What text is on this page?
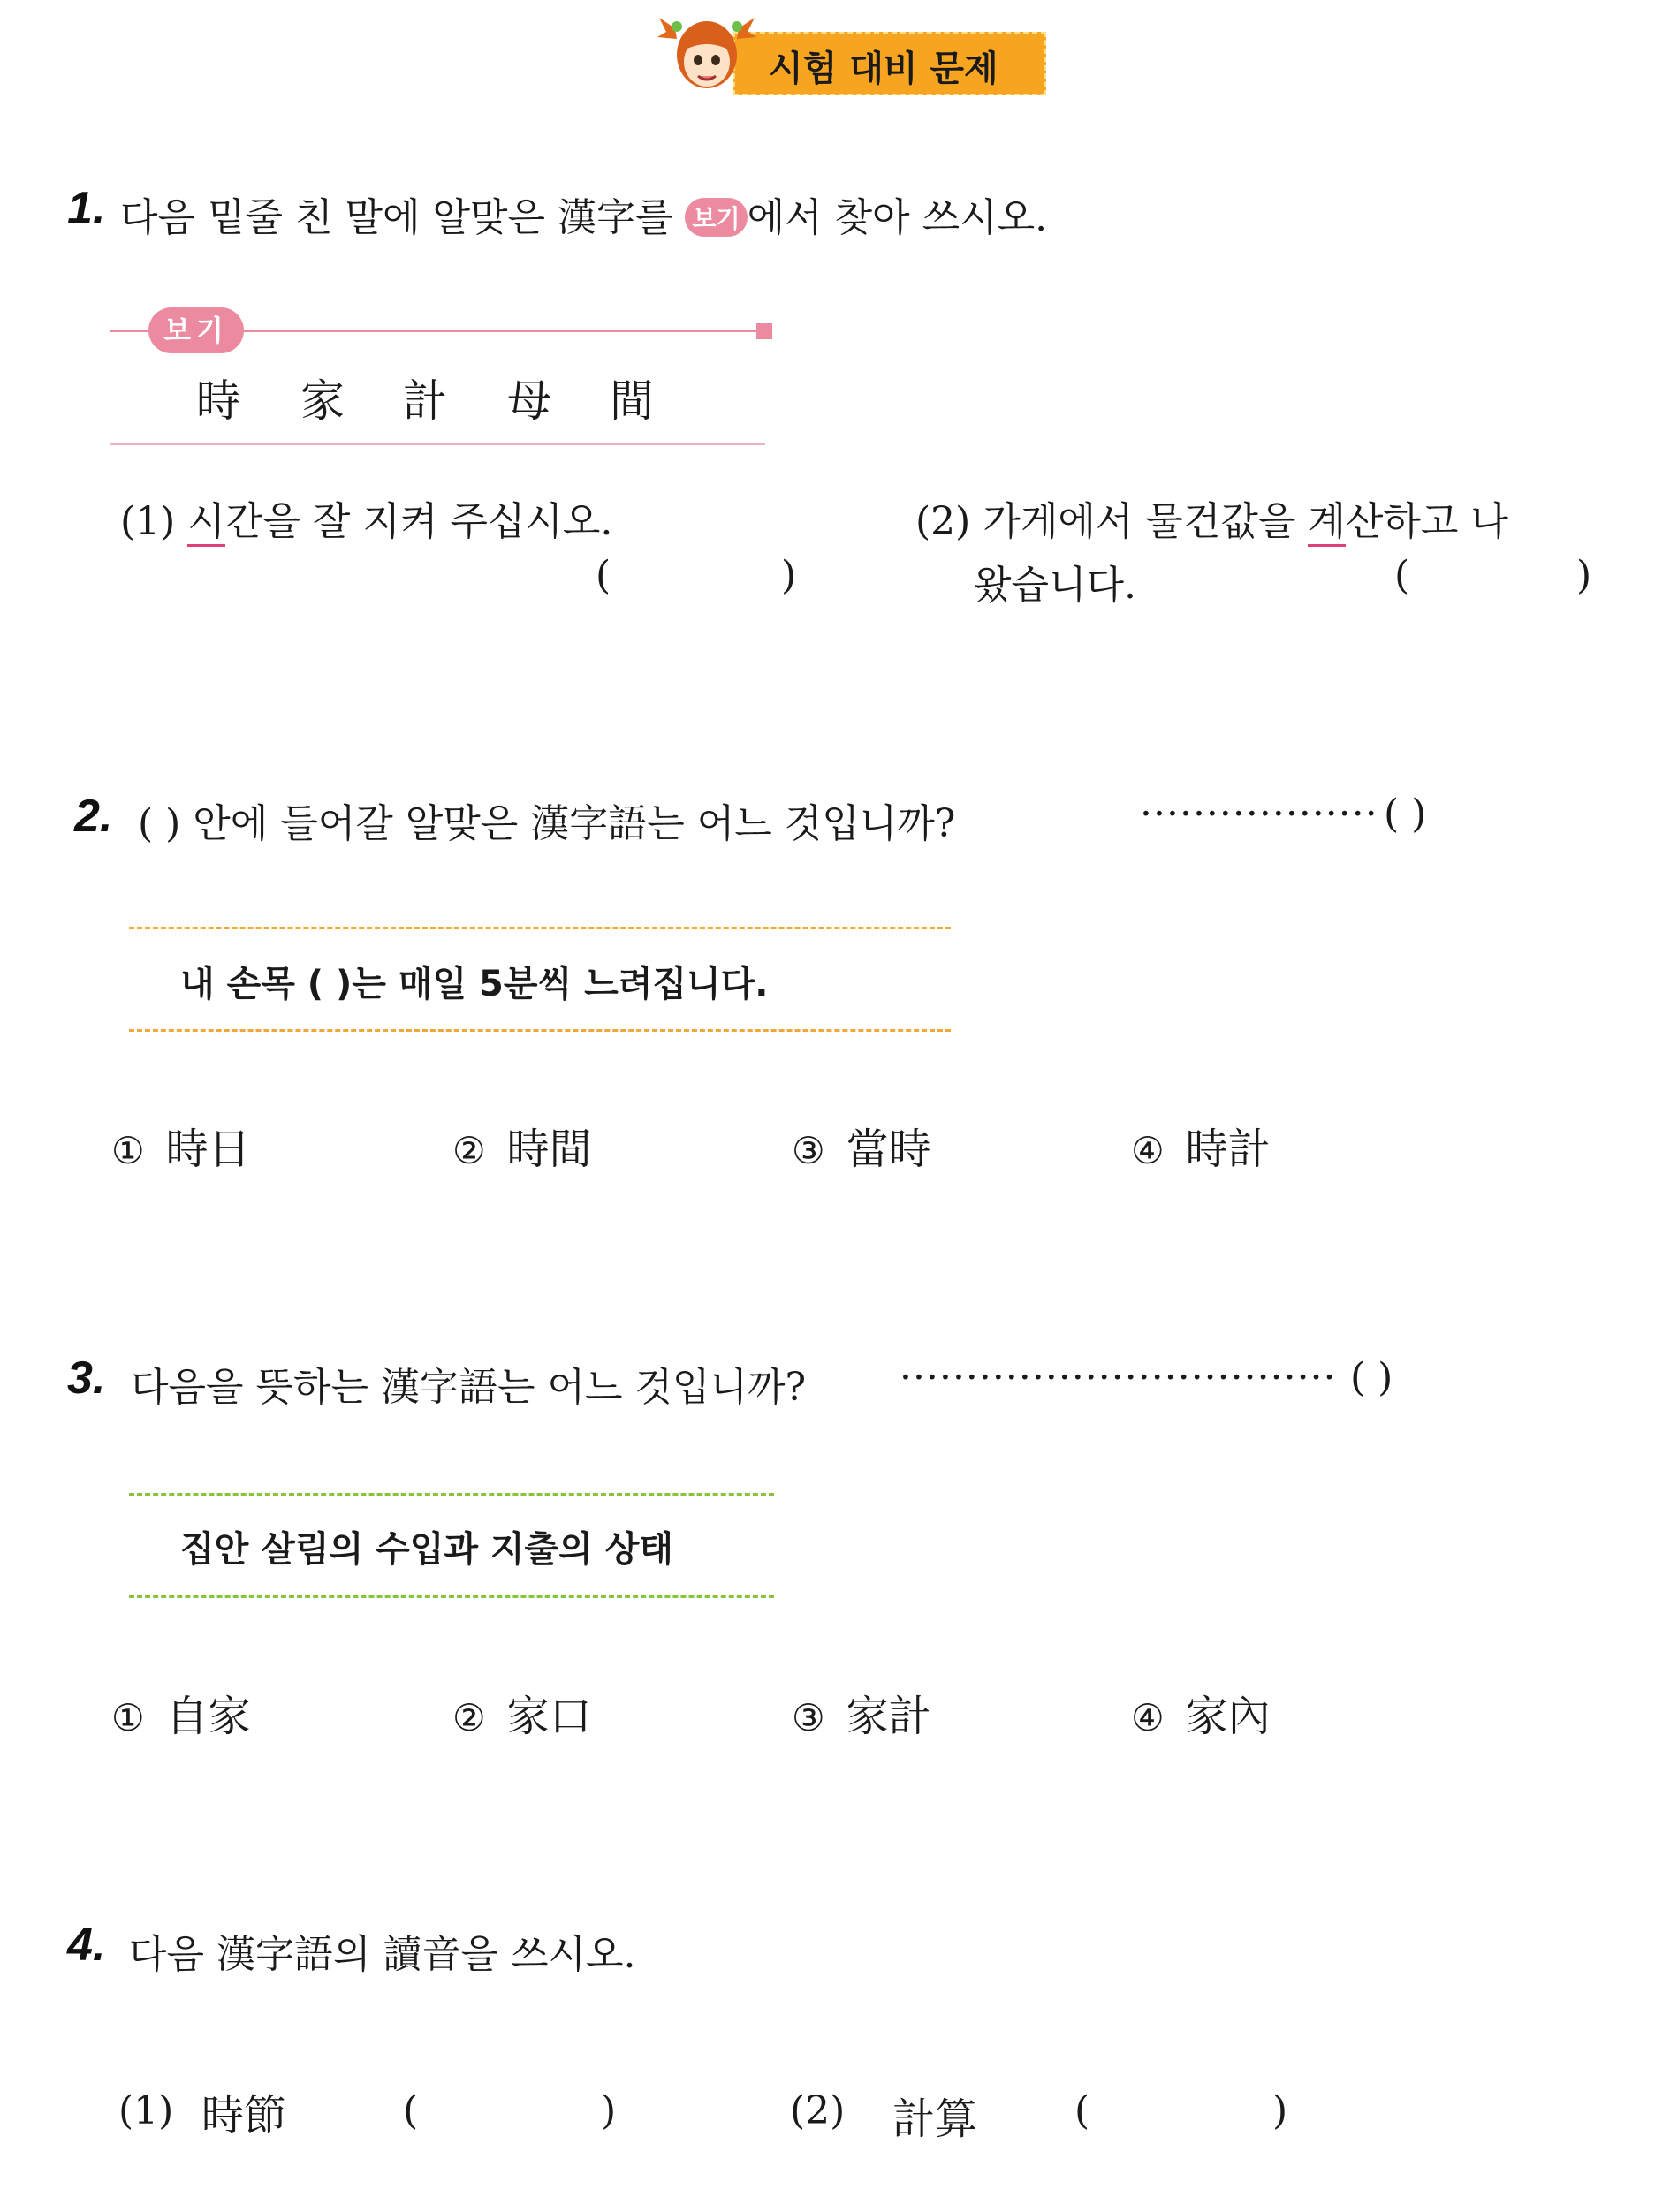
시험 대비 문제
1. 다음 밑줄 친 말에 알맞은 漢字를 보기 에서 찾아 쓰시오.
보기
時 家 計 母 間
(1) 시간을 잘 지켜 주십시오.
(	)
(2) 가게에서 물건값을 계산하고 나
왔습니다.	(	)
2. ( ) 안에 들어갈 알맞은 漢字語는 어느 것입니까?	·················· ( )
내 손목 ( )는 매일 5분씩 느려집니다.
① 時日	② 時間	③ 當時	④ 時計
3. 다음을 뜻하는 漢字語는 어느 것입니까? ································· ( )
집안 살림의 수입과 지출의 상태
① 自家	② 家口	③ 家計	④ 家內
4. 다음 漢字語의 讀音을 쓰시오.
(1) 時節	(	)	(2) 計算 (	)
